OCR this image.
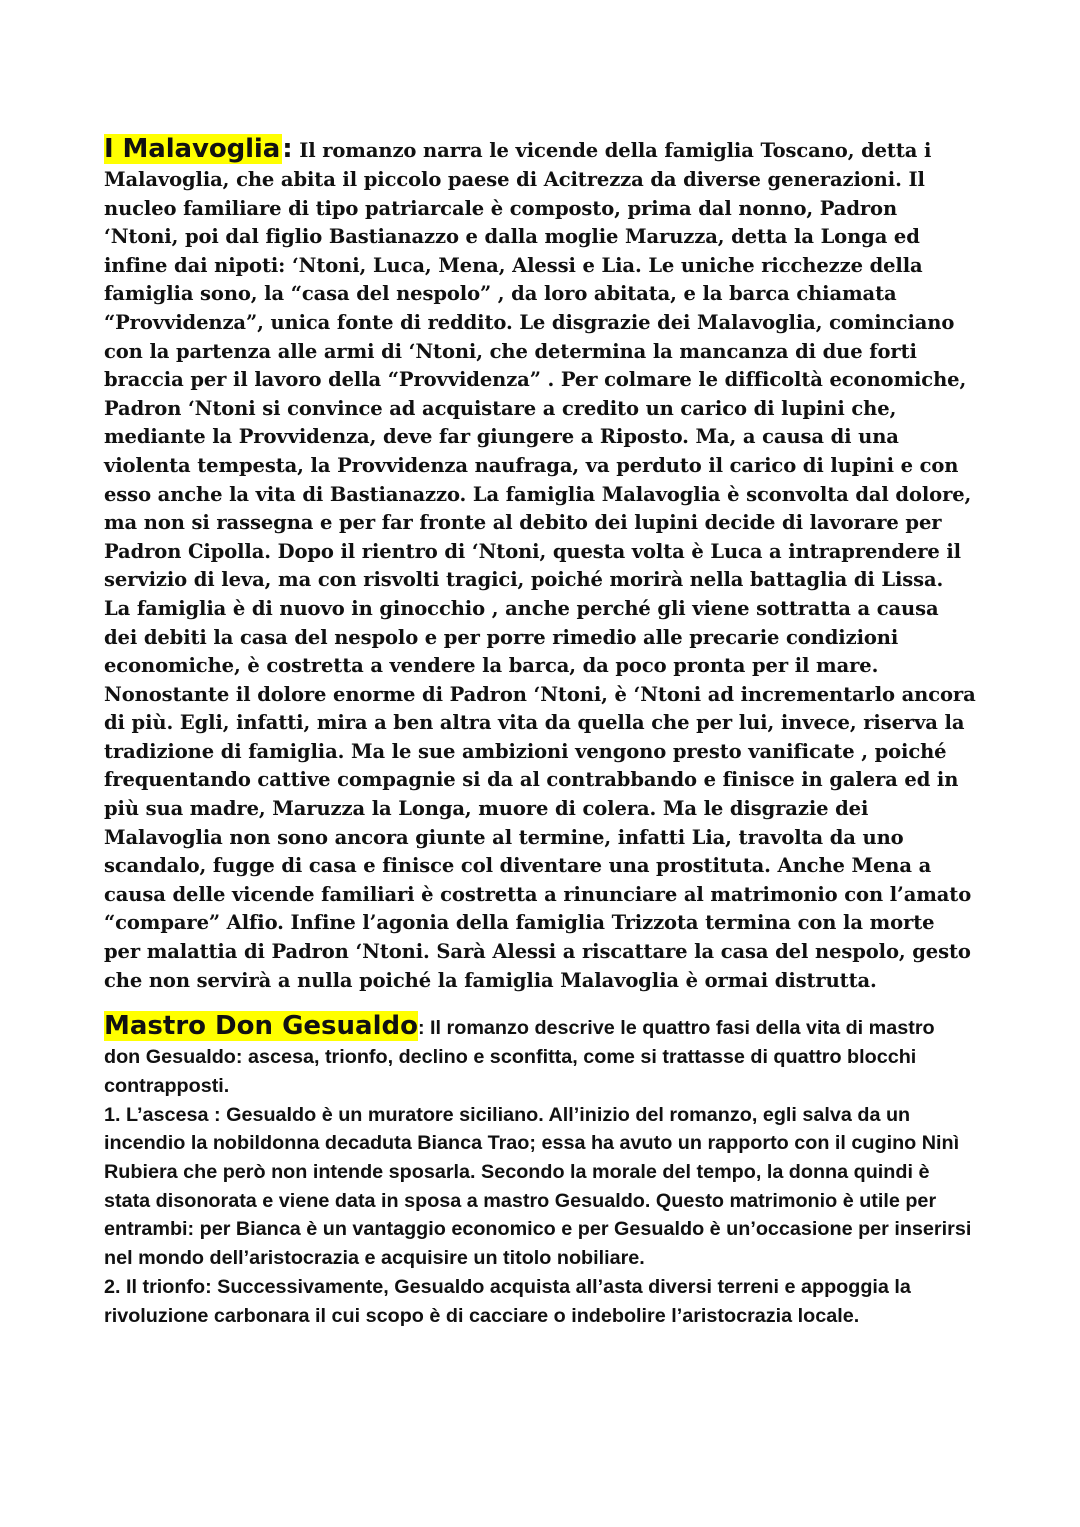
I Malavoglia: Il romanzo narra le vicende della famiglia Toscano, detta i Malavoglia, che abita il piccolo paese di Acitrezza da diverse generazioni. Il nucleo familiare di tipo patriarcale è composto, prima dal nonno, Padron ‘Ntoni, poi dal figlio Bastianazzo e dalla moglie Maruzza, detta la Longa ed infine dai nipoti: ‘Ntoni, Luca, Mena, Alessi e Lia. Le uniche ricchezze della famiglia sono, la “casa del nespolo” , da loro abitata, e la barca chiamata “Provvidenza”, unica fonte di reddito. Le disgrazie dei Malavoglia, cominciano con la partenza alle armi di ‘Ntoni, che determina la mancanza di due forti braccia per il lavoro della “Provvidenza” . Per colmare le difficoltà economiche, Padron ‘Ntoni si convince ad acquistare a credito un carico di lupini che, mediante la Provvidenza, deve far giungere a Riposto. Ma, a causa di una violenta tempesta, la Provvidenza naufraga, va perduto il carico di lupini e con esso anche la vita di Bastianazzo. La famiglia Malavoglia è sconvolta dal dolore, ma non si rassegna e per far fronte al debito dei lupini decide di lavorare per Padron Cipolla. Dopo il rientro di ‘Ntoni, questa volta è Luca a intraprendere il servizio di leva, ma con risvolti tragici, poiché morirà nella battaglia di Lissa. La famiglia è di nuovo in ginocchio , anche perché gli viene sottratta a causa dei debiti la casa del nespolo e per porre rimedio alle precarie condizioni economiche, è costretta a vendere la barca, da poco pronta per il mare. Nonostante il dolore enorme di Padron ‘Ntoni, è ‘Ntoni ad incrementarlo ancora di più. Egli, infatti, mira a ben altra vita da quella che per lui, invece, riserva la tradizione di famiglia. Ma le sue ambizioni vengono presto vanificate , poiché frequentando cattive compagnie si da al contrabbando e finisce in galera ed in più sua madre, Maruzza la Longa, muore di colera. Ma le disgrazie dei Malavoglia non sono ancora giunte al termine, infatti Lia, travolta da uno scandalo, fugge di casa e finisce col diventare una prostituta. Anche Mena a causa delle vicende familiari è costretta a rinunciare al matrimonio con l’amato “compare” Alfio. Infine l’agonia della famiglia Trizzota termina con la morte per malattia di Padron ‘Ntoni. Sarà Alessi a riscattare la casa del nespolo, gesto che non servirà a nulla poiché la famiglia Malavoglia è ormai distrutta.
Mastro Don Gesualdo: Il romanzo descrive le quattro fasi della vita di mastro don Gesualdo: ascesa, trionfo, declino e sconfitta, come si trattasse di quattro blocchi contrapposti.
1. L’ascesa : Gesualdo è un muratore siciliano. All’inizio del romanzo, egli salva da un incendio la nobildonna decaduta Bianca Trao; essa ha avuto un rapporto con il cugino Ninì Rubiera che però non intende sposarla. Secondo la morale del tempo, la donna quindi è stata disonorata e viene data in sposa a mastro Gesualdo. Questo matrimonio è utile per entrambi: per Bianca è un vantaggio economico e per Gesualdo è un’occasione per inserirsi nel mondo dell’aristocrazia e acquisire un titolo nobiliare.
2. Il trionfo: Successivamente, Gesualdo acquista all’asta diversi terreni e appoggia la rivoluzione carbonara il cui scopo è di cacciare o indebolire l’aristocrazia locale.
